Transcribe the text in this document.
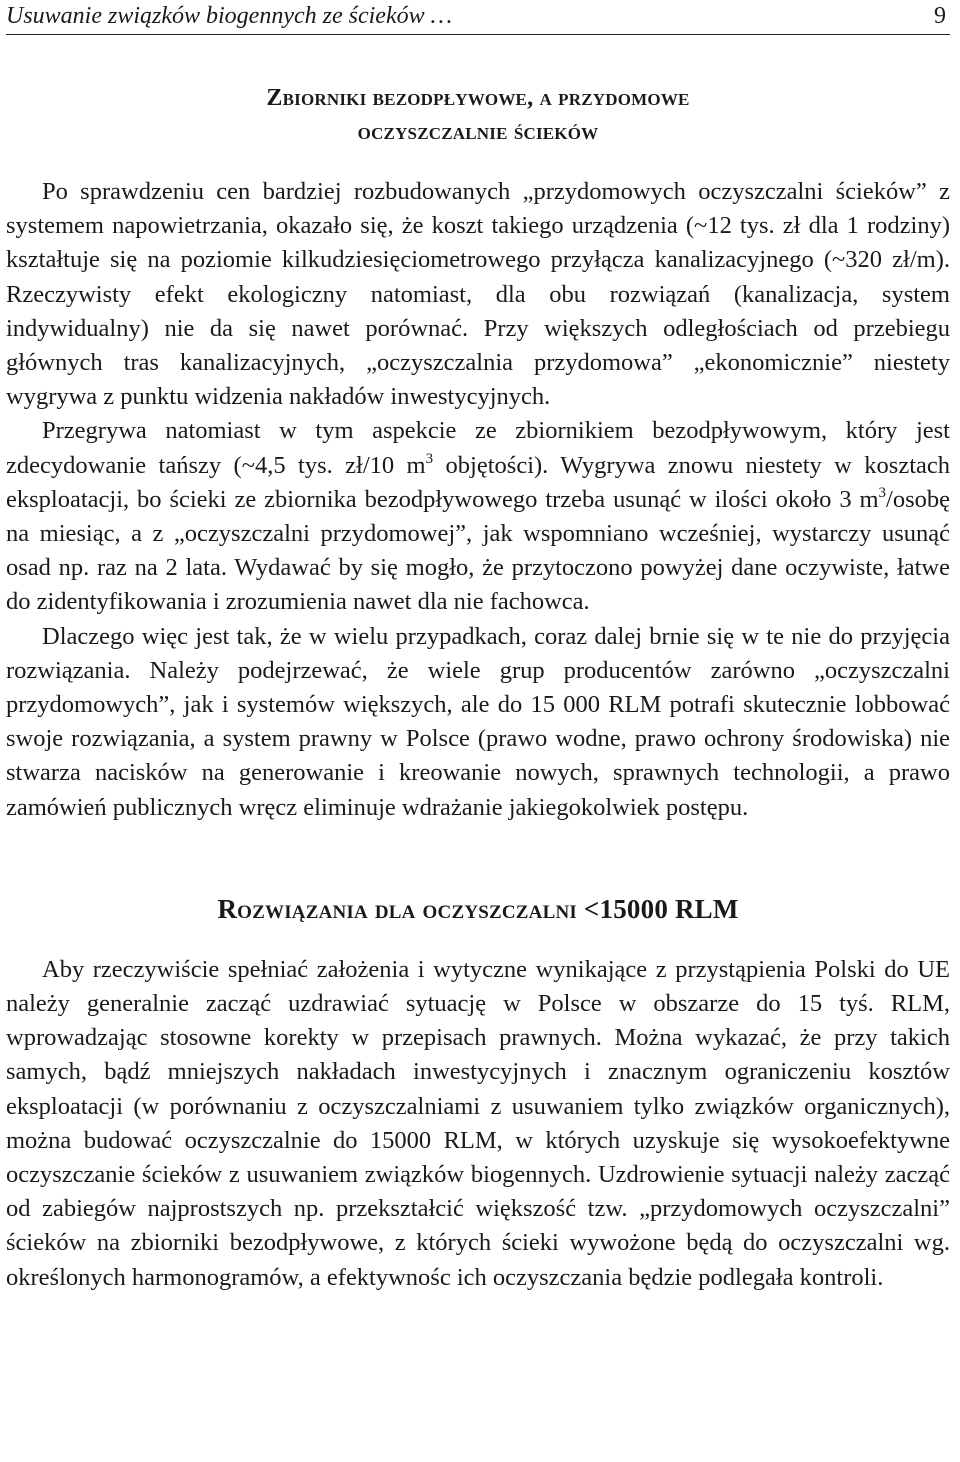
Usuwanie związków biogennych ze ścieków …	9
Zbiorniki bezodpływowe, a przydomowe
oczyszczalnie ścieków

Po sprawdzeniu cen bardziej rozbudowanych „przydomowych oczyszczalni ścieków” z systemem napowietrzania, okazało się, że koszt takiego urządzenia (~12 tys. zł dla 1 rodziny) kształtuje się na poziomie kilkudziesięciometrowego przyłącza kanalizacyjnego (~320 zł/m). Rzeczywisty efekt ekologiczny natomiast, dla obu rozwiązań (kanalizacja, system indywidualny) nie da się nawet porównać. Przy większych odległościach od przebiegu głównych tras kanalizacyjnych, „oczyszczalnia przydomowa” „ekonomicznie” niestety wygrywa z punktu widzenia nakładów inwestycyjnych.

Przegrywa natomiast w tym aspekcie ze zbiornikiem bezodpływowym, który jest zdecydowanie tańszy (~4,5 tys. zł/10 $m^3$ objętości). Wygrywa znowu niestety w kosztach eksploatacji, bo ścieki ze zbiornika bezodpływowego trzeba usunąć w ilości około 3 $m^3$/osobę na miesiąc, a z „oczyszczalni przydomowej”, jak wspomniano wcześniej, wystarczy usunąć osad np. raz na 2 lata. Wydawać by się mogło, że przytoczono powyżej dane oczywiste, łatwe do zidentyfikowania i zrozumienia nawet dla nie fachowca.

Dlaczego więc jest tak, że w wielu przypadkach, coraz dalej brnie się w te nie do przyjęcia rozwiązania. Należy podejrzewać, że wiele grup producentów zarówno „oczyszczalni przydomowych”, jak i systemów większych, ale do 15 000 RLM potrafi skutecznie lobbować swoje rozwiązania, a system prawny w Polsce (prawo wodne, prawo ochrony środowiska) nie stwarza nacisków na generowanie i kreowanie nowych, sprawnych technologii, a prawo zamówień publicznych wręcz eliminuje wdrażanie jakiegokolwiek postępu.

Rozwiązania dla oczyszczalni <15000 RLM

Aby rzeczywiście spełniać założenia i wytyczne wynikające z przystąpienia Polski do UE należy generalnie zacząć uzdrawiać sytuację w Polsce w obszarze do 15 tyś. RLM, wprowadzając stosowne korekty w przepisach prawnych. Można wykazać, że przy takich samych, bądź mniejszych nakładach inwestycyjnych i znacznym ograniczeniu kosztów eksploatacji (w porównaniu z oczyszczalniami z usuwaniem tylko związków organicznych), można budować oczyszczalnie do 15000 RLM, w których uzyskuje się wysokoefektywne oczyszczanie ścieków z usuwaniem związków biogennych. Uzdrowienie sytuacji należy zacząć od zabiegów najprostszych np. przekształcić większość tzw. „przydomowych oczyszczalni” ścieków na zbiorniki bezodpływowe, z których ścieki wywożone będą do oczyszczalni wg. określonych harmonogramów, a efektywnośc ich oczyszczania będzie podlegała kontroli.
